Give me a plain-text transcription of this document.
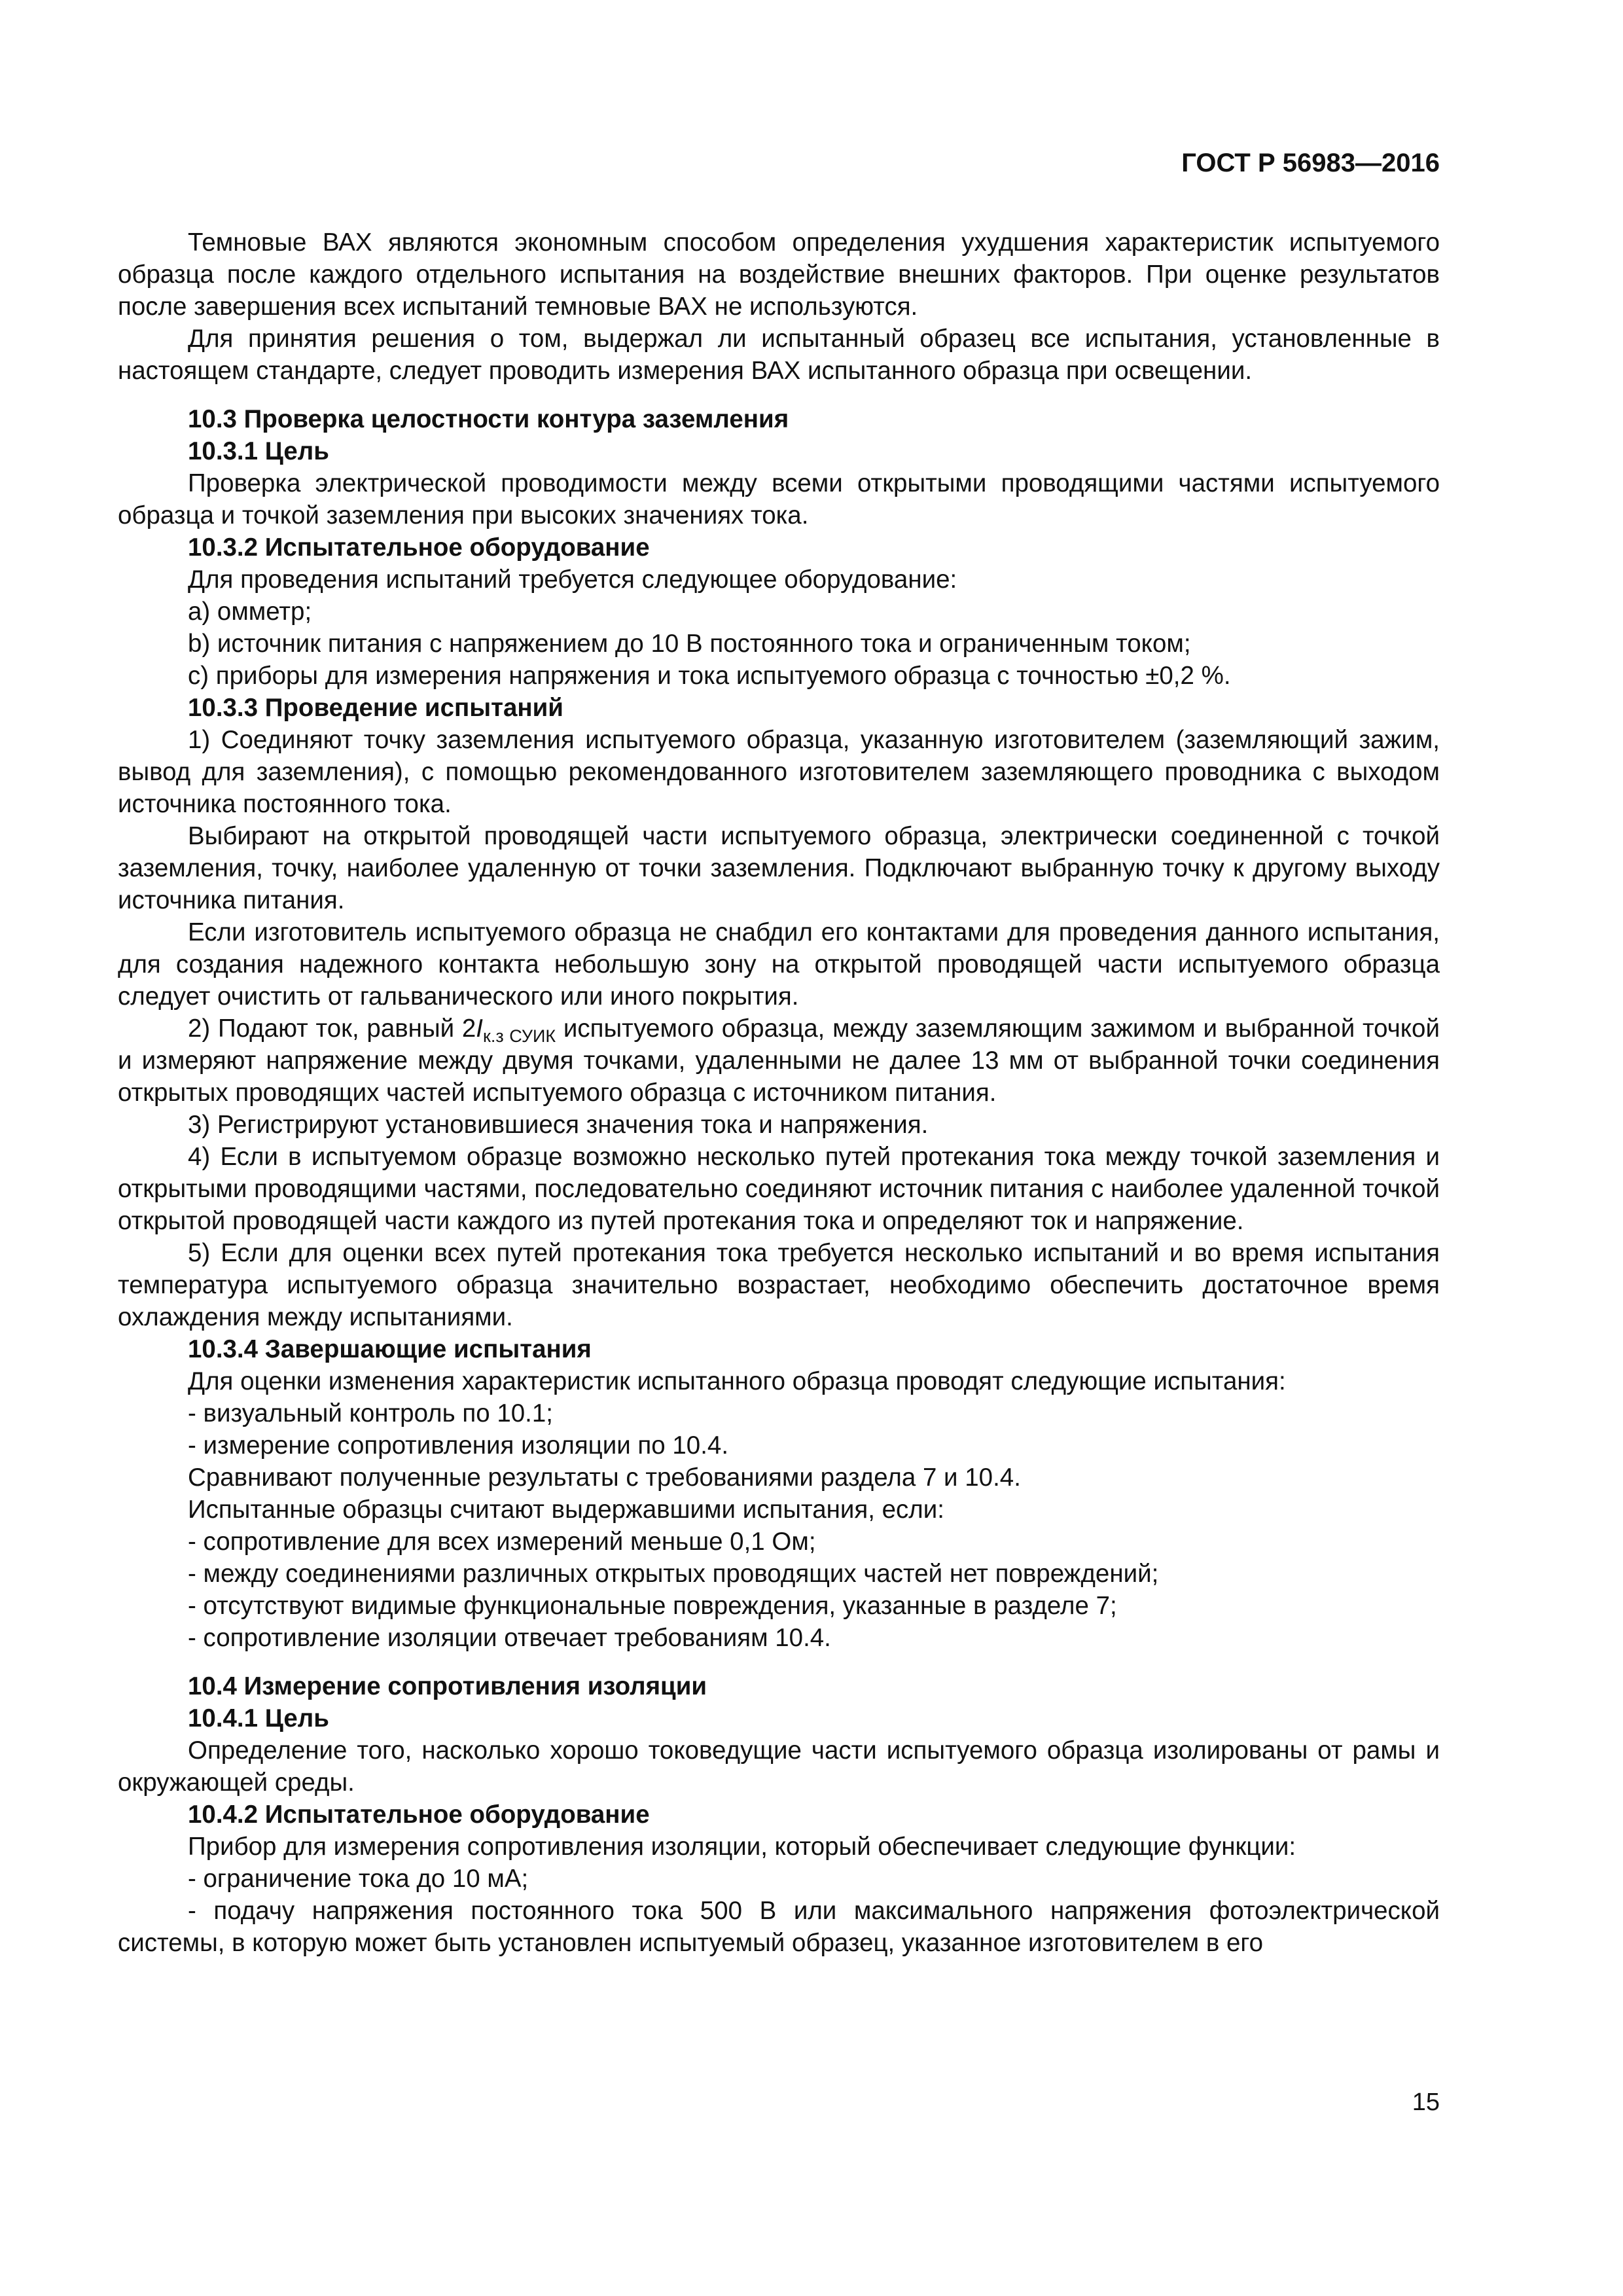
ГОСТ Р 56983—2016

Темновые ВАХ являются экономным способом определения ухудшения характеристик испытуемого образца после каждого отдельного испытания на воздействие внешних факторов. При оценке результатов после завершения всех испытаний темновые ВАХ не используются.

Для принятия решения о том, выдержал ли испытанный образец все испытания, установленные в настоящем стандарте, следует проводить измерения ВАХ испытанного образца при освещении.

10.3 Проверка целостности контура заземления

10.3.1 Цель

Проверка электрической проводимости между всеми открытыми проводящими частями испытуемого образца и точкой заземления при высоких значениях тока.

10.3.2 Испытательное оборудование

Для проведения испытаний требуется следующее оборудование:

а) омметр;

b) источник питания с напряжением до 10 В постоянного тока и ограниченным током;

с) приборы для измерения напряжения и тока испытуемого образца с точностью ±0,2 %.

10.3.3 Проведение испытаний

1) Соединяют точку заземления испытуемого образца, указанную изготовителем (заземляющий зажим, вывод для заземления), с помощью рекомендованного изготовителем заземляющего проводника с выходом источника постоянного тока.

Выбирают на открытой проводящей части испытуемого образца, электрически соединенной с точкой заземления, точку, наиболее удаленную от точки заземления. Подключают выбранную точку к другому выходу источника питания.

Если изготовитель испытуемого образца не снабдил его контактами для проведения данного испытания, для создания надежного контакта небольшую зону на открытой проводящей части испытуемого образца следует очистить от гальванического или иного покрытия.

2) Подают ток, равный $2I_{к.з СУИК}$ испытуемого образца, между заземляющим зажимом и выбранной точкой и измеряют напряжение между двумя точками, удаленными не далее 13 мм от выбранной точки соединения открытых проводящих частей испытуемого образца с источником питания.

3) Регистрируют установившиеся значения тока и напряжения.

4) Если в испытуемом образце возможно несколько путей протекания тока между точкой заземления и открытыми проводящими частями, последовательно соединяют источник питания с наиболее удаленной точкой открытой проводящей части каждого из путей протекания тока и определяют ток и напряжение.

5) Если для оценки всех путей протекания тока требуется несколько испытаний и во время испытания температура испытуемого образца значительно возрастает, необходимо обеспечить достаточное время охлаждения между испытаниями.

10.3.4 Завершающие испытания

Для оценки изменения характеристик испытанного образца проводят следующие испытания:

- визуальный контроль по 10.1;

- измерение сопротивления изоляции по 10.4.

Сравнивают полученные результаты с требованиями раздела 7 и 10.4.

Испытанные образцы считают выдержавшими испытания, если:

- сопротивление для всех измерений меньше 0,1 Ом;

- между соединениями различных открытых проводящих частей нет повреждений;

- отсутствуют видимые функциональные повреждения, указанные в разделе 7;

- сопротивление изоляции отвечает требованиям 10.4.

10.4 Измерение сопротивления изоляции

10.4.1 Цель

Определение того, насколько хорошо токоведущие части испытуемого образца изолированы от рамы и окружающей среды.

10.4.2 Испытательное оборудование

Прибор для измерения сопротивления изоляции, который обеспечивает следующие функции:

- ограничение тока до 10 мА;

- подачу напряжения постоянного тока 500 В или максимального напряжения фотоэлектрической системы, в которую может быть установлен испытуемый образец, указанное изготовителем в его

15
